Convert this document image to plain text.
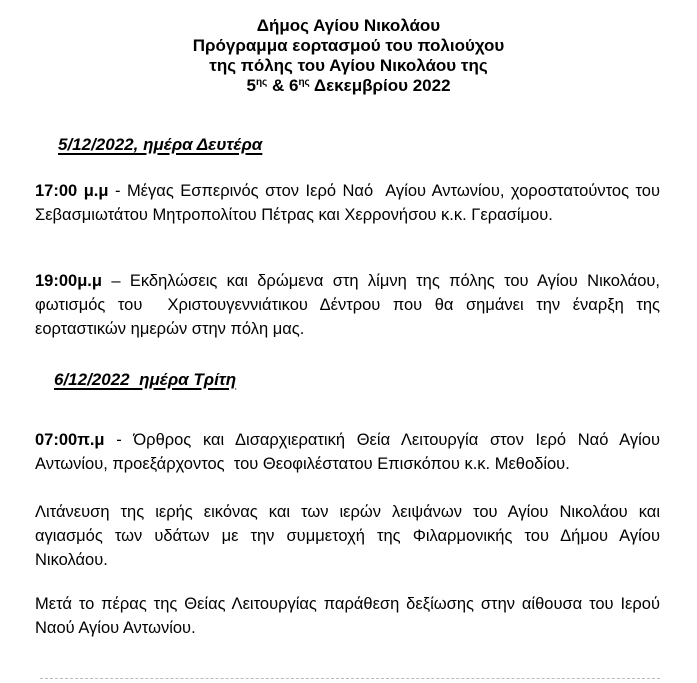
Δήμος Αγίου Νικολάου
Πρόγραμμα εορτασμού του πολιούχου
της πόλης του Αγίου Νικολάου της
$5^{\eta\varsigma}$ & $6^{\eta\varsigma}$ Δεκεμβρίου 2022
5/12/2022, ημέρα Δευτέρα
17:00 μ.μ - Μέγας Εσπερινός στον Ιερό Ναό  Αγίου Αντωνίου, χοροστατούντος του Σεβασμιωτάτου Μητροπολίτου Πέτρας και Χερρονήσου κ.κ. Γερασίμου.
19:00μ.μ – Εκδηλώσεις και δρώμενα στη λίμνη της πόλης του Αγίου Νικολάου,  φωτισμός του  Χριστουγεννιάτικου Δέντρου που θα σημάνει την έναρξη της εορταστικών ημερών στην πόλη μας.
6/12/2022  ημέρα Τρίτη
07:00π.μ - Όρθρος και Δισαρχιερατική Θεία Λειτουργία στον Ιερό Ναό Αγίου Αντωνίου, προεξάρχοντος  του Θεοφιλέστατου Επισκόπου κ.κ. Μεθοδίου.
Λιτάνευση της ιερής εικόνας και των ιερών λειψάνων του Αγίου Νικολάου και αγιασμός των υδάτων με την συμμετοχή της Φιλαρμονικής του Δήμου Αγίου Νικολάου.
Μετά το πέρας της Θείας Λειτουργίας παράθεση δεξίωσης στην αίθουσα του Ιερού Ναού Αγίου Αντωνίου.
